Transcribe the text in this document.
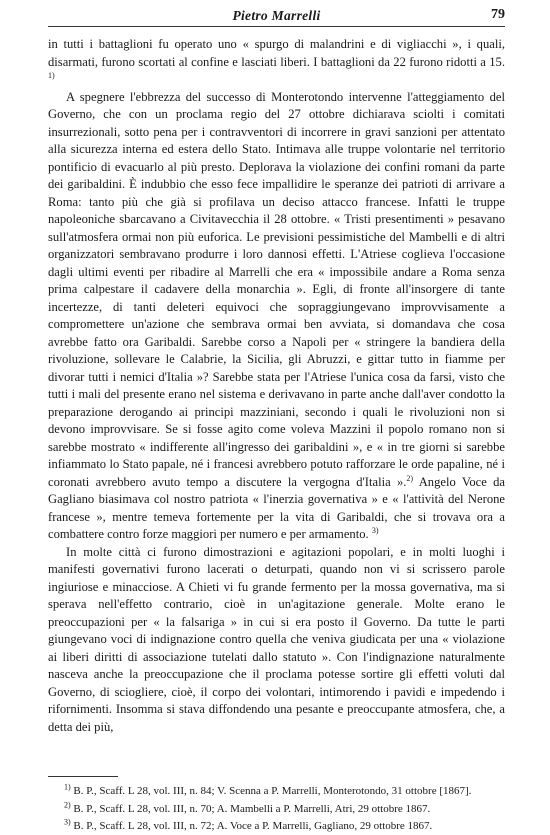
Pietro Marrelli	79

in tutti i battaglioni fu operato uno « spurgo di malandrini e di vigliacchi », i quali, disarmati, furono scortati al confine e lasciati liberi. I battaglioni da 22 furono ridotti a 15. $^{1)}$

A spegnere l'ebbrezza del successo di Monterotondo intervenne l'atteggiamento del Governo, che con un proclama regio del 27 ottobre dichiarava sciolti i comitati insurrezionali, sotto pena per i contravventori di incorrere in gravi sanzioni per attentato alla sicurezza interna ed estera dello Stato. Intimava alle truppe volontarie nel territorio pontificio di evacuarlo al più presto. Deplorava la violazione dei confini romani da parte dei garibaldini. È indubbio che esso fece impallidire le speranze dei patrioti di arrivare a Roma: tanto più che già si profilava un deciso attacco francese. Infatti le truppe napoleoniche sbarcavano a Civitavecchia il 28 ottobre. « Tristi presentimenti » pesavano sull'atmosfera ormai non più euforica. Le previsioni pessimistiche del Mambelli e di altri organizzatori sembravano produrre i loro dannosi effetti. L'Atriese coglieva l'occasione dagli ultimi eventi per ribadire al Marrelli che era « impossibile andare a Roma senza prima calpestare il cadavere della monarchia ». Egli, di fronte all'insorgere di tante incertezze, di tanti deleteri equivoci che sopraggiungevano improvvisamente a compromettere un'azione che sembrava ormai ben avviata, si domandava che cosa avrebbe fatto ora Garibaldi. Sarebbe corso a Napoli per « stringere la bandiera della rivoluzione, sollevare le Calabrie, la Sicilia, gli Abruzzi, e gittar tutto in fiamme per divorar tutti i nemici d'Italia »? Sarebbe stata per l'Atriese l'unica cosa da farsi, visto che tutti i mali del presente erano nel sistema e derivavano in parte anche dall'aver condotto la preparazione derogando ai principi mazziniani, secondo i quali le rivoluzioni non si devono improvvisare. Se si fosse agito come voleva Mazzini il popolo romano non si sarebbe mostrato « indifferente all'ingresso dei garibaldini », e « in tre giorni si sarebbe infiammato lo Stato papale, né i francesi avrebbero potuto rafforzare le orde papaline, né i coronati avrebbero avuto tempo a discutere la vergogna d'Italia ».$^{2)}$ Angelo Voce da Gagliano biasimava col nostro patriota « l'inerzia governativa » e « l'attività del Nerone francese », mentre temeva fortemente per la vita di Garibaldi, che si trovava ora a combattere contro forze maggiori per numero e per armamento. $^{3)}$

In molte città ci furono dimostrazioni e agitazioni popolari, e in molti luoghi i manifesti governativi furono lacerati o deturpati, quando non vi si scrissero parole ingiuriose e minacciose. A Chieti vi fu grande fermento per la mossa governativa, ma si sperava nell'effetto contrario, cioè in un'agitazione generale. Molte erano le preoccupazioni per « la falsariga » in cui si era posto il Governo. Da tutte le parti giungevano voci di indignazione contro quella che veniva giudicata per una « violazione ai liberi diritti di associazione tutelati dallo statuto ». Con l'indignazione naturalmente nasceva anche la preoccupazione che il proclama potesse sortire gli effetti voluti dal Governo, di sciogliere, cioè, il corpo dei volontari, intimorendo i pavidi e impedendo i rifornimenti. Insomma si stava diffondendo una pesante e preoccupante atmosfera, che, a detta dei più,

$^{1)}$ B. P., Scaff. L 28, vol. III, n. 84; V. Scenna a P. Marrelli, Monterotondo, 31 ottobre [1867].

$^{2)}$ B. P., Scaff. L 28, vol. III, n. 70; A. Mambelli a P. Marrelli, Atri, 29 ottobre 1867.

$^{3)}$ B. P., Scaff. L 28, vol. III, n. 72; A. Voce a P. Marrelli, Gagliano, 29 ottobre 1867.
